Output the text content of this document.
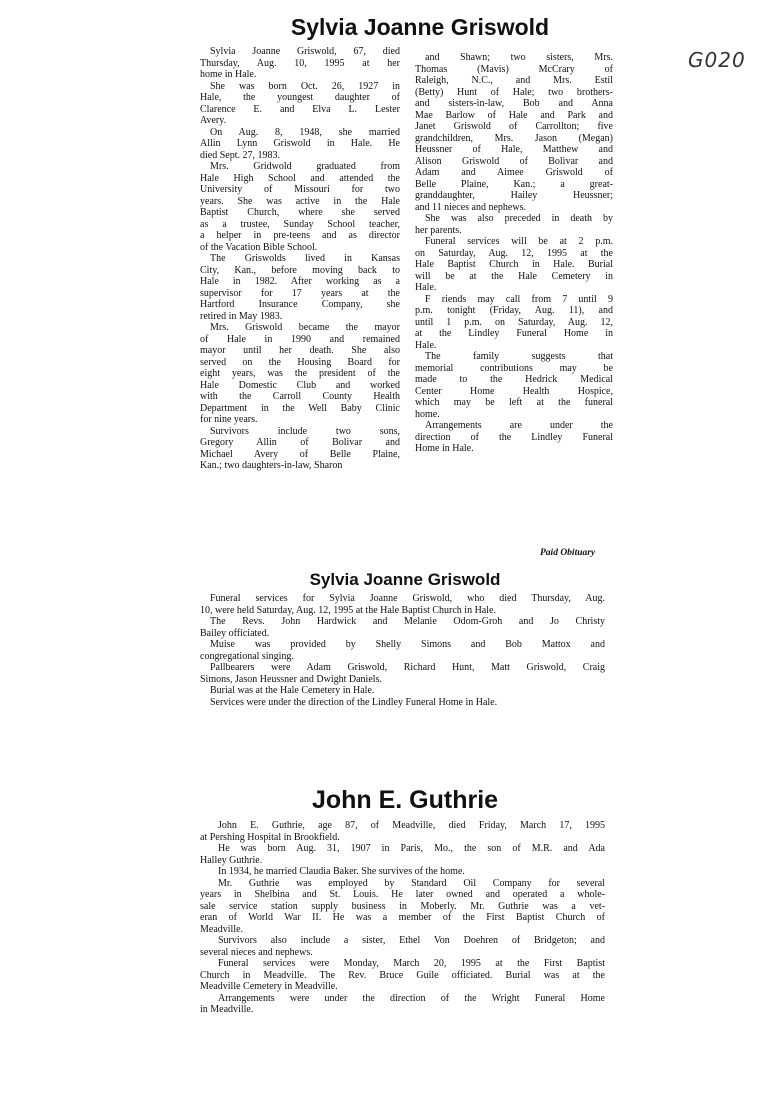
G020
Sylvia Joanne Griswold
Sylvia Joanne Griswold, 67, died
Thursday, Aug. 10, 1995 at her
home in Hale.
She was born Oct. 26, 1927 in
Hale, the youngest daughter of
Clarence E. and Elva L. Lester
Avery.
On Aug. 8, 1948, she married
Allin Lynn Griswold in Hale. He
died Sept. 27, 1983.
Mrs. Gridwold graduated from
Hale High School and attended the
University of Missouri for two
years. She was active in the Hale
Baptist Church, where she served
as a trustee, Sunday School teacher,
a helper in pre-teens and as director
of the Vacation Bible School.
The Griswolds lived in Kansas
City, Kan., before moving back to
Hale in 1982. After working as a
supervisor for 17 years at the
Hartford Insurance Company, she
retired in May 1983.
Mrs. Griswold became the mayor
of Hale in 1990 and remained
mayor until her death. She also
served on the Housing Board for
eight years, was the president of the
Hale Domestic Club and worked
with the Carroll County Health
Department in the Well Baby Clinic
for nine years.
Survivors include two sons,
Gregory Allin of Bolivar and
Michael Avery of Belle Plaine,
Kan.; two daughters-in-law, Sharon
and Shawn; two sisters, Mrs.
Thomas (Mavis) McCrary of
Raleigh, N.C., and Mrs. Estil
(Betty) Hunt of Hale; two brothers-
and sisters-in-law, Bob and Anna
Mae Barlow of Hale and Park and
Janet Griswold of Carrollton; five
grandchildren, Mrs. Jason (Megan)
Heussner of Hale, Matthew and
Alison Griswold of Bolivar and
Adam and Aimee Griswold of
Belle Plaine, Kan.; a great-
granddaughter, Hailey Heussner;
and 11 nieces and nephews.
She was also preceded in death by
her parents.
Funeral services will be at 2 p.m.
on Saturday, Aug. 12, 1995 at the
Hale Baptist Church in Hale. Burial
will be at the Hale Cemetery in
Hale.
F riends may call from 7 until 9
p.m. tonight (Friday, Aug. 11), and
until 1 p.m. on Saturday, Aug. 12,
at the Lindley Funeral Home in
Hale.
The family suggests that
memorial contributions may be
made to the Hedrick Medical
Center Home Health Hospice,
which may be left at the funeral
home.
Arrangements are under the
direction of the Lindley Funeral
Home in Hale.
Paid Obituary
Sylvia Joanne Griswold
Funeral services for Sylvia Joanne Griswold, who died Thursday, Aug.
10, were held Saturday, Aug. 12, 1995 at the Hale Baptist Church in Hale.
The Revs. John Hardwick and Melanie Odom-Groh and Jo Christy
Bailey officiated.
Muise was provided by Shelly Simons and Bob Mattox and
congregational singing.
Pallbearers were Adam Griswold, Richard Hunt, Matt Griswold, Craig
Simons, Jason Heussner and Dwight Daniels.
Burial was at the Hale Cemetery in Hale.
Services were under the direction of the Lindley Funeral Home in Hale.
John E. Guthrie
John E. Guthrie, age 87, of Meadville, died Friday, March 17, 1995
at Pershing Hospital in Brookfield.
He was born Aug. 31, 1907 in Paris, Mo., the son of M.R. and Ada
Halley Guthrie.
In 1934, he married Claudia Baker. She survives of the home.
Mr. Guthrie was employed by Standard Oil Company for several
years in Shelbina and St. Louis. He later owned and operated a whole-
sale service station supply business in Moberly. Mr. Guthrie was a vet-
eran of World War II. He was a member of the First Baptist Church of
Meadville.
Survivors also include a sister, Ethel Von Doehren of Bridgeton; and
several nieces and nephews.
Funeral services were Monday, March 20, 1995 at the First Baptist
Church in Meadville. The Rev. Bruce Guile officiated. Burial was at the
Meadville Cemetery in Meadville.
Arrangements were under the direction of the Wright Funeral Home
in Meadville.
